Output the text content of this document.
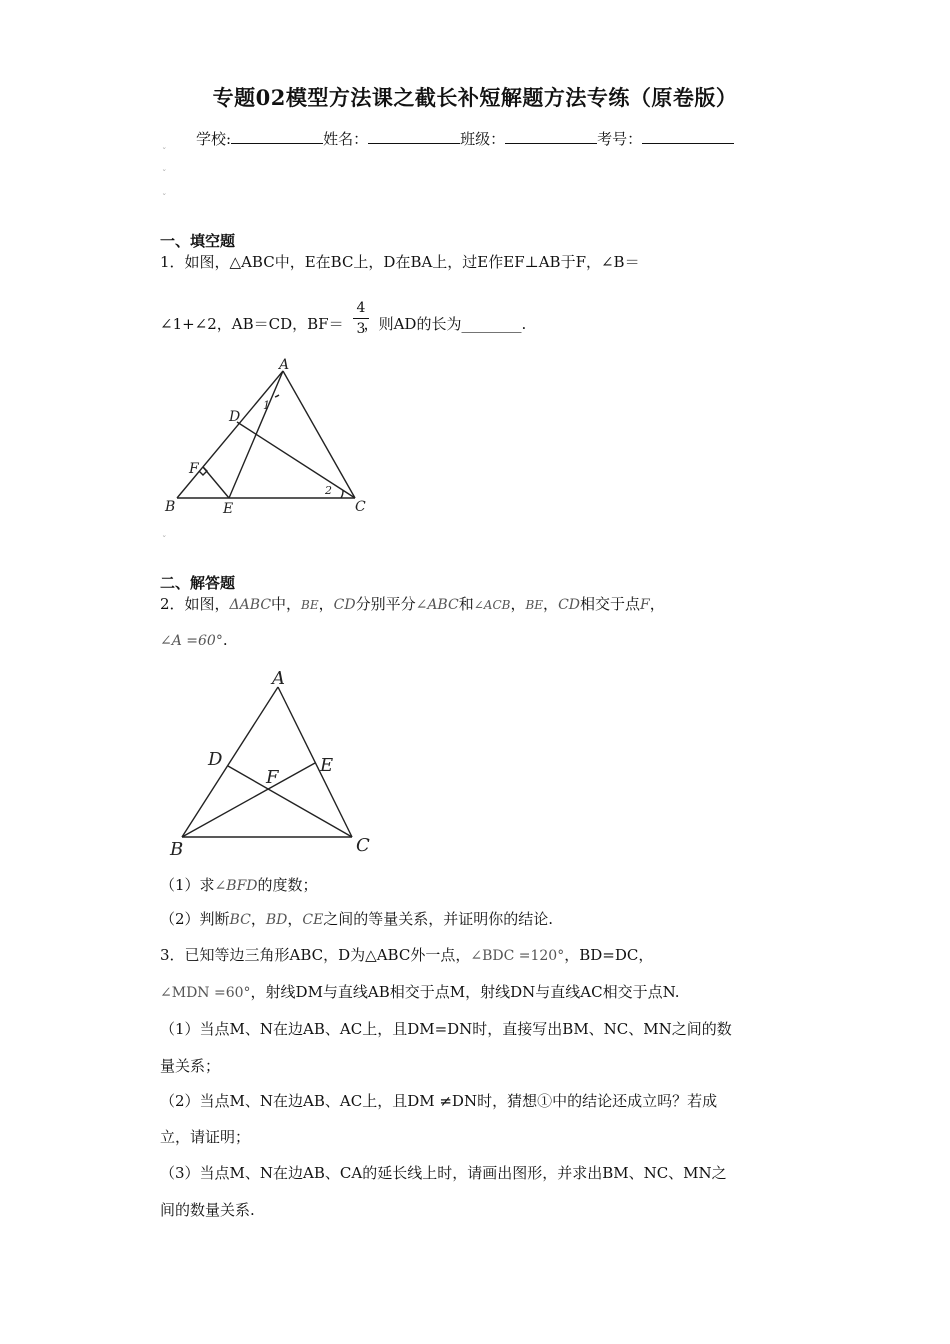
专题02模型方法课之截长补短解题方法专练（原卷版）
学校:	姓名：	班级：	考号：
ˇ
ˇ
ˇ
一、填空题
1．如图，△ABC中，E在BC上，D在BA上，过E作EF⊥AB于F，∠B＝
∠1+∠2，AB＝CD，BF＝ ，则AD的长为________.
4
3
A
B	C
D
E
F
1
2
ˇ
二、解答题
2．如图，ΔABC中，BE，CD分别平分∠ABC和∠ACB，BE，CD相交于点F，
∠A =60°.
A
B	C
D	E
F
（1）求∠BFD的度数；
（2）判断BC，BD，CE之间的等量关系，并证明你的结论.
3．已知等边三角形ABC，D为△ABC外一点，∠BDC =120°，BD=DC，
∠MDN =60°，射线DM与直线AB相交于点M，射线DN与直线AC相交于点N.
（1）当点M、N在边AB、AC上，且DM=DN时，直接写出BM、NC、MN之间的数
量关系；
（2）当点M、N在边AB、AC上，且DM ≠DN时，猜想①中的结论还成立吗？若成
立，请证明；
（3）当点M、N在边AB、CA的延长线上时，请画出图形，并求出BM、NC、MN之
间的数量关系.
